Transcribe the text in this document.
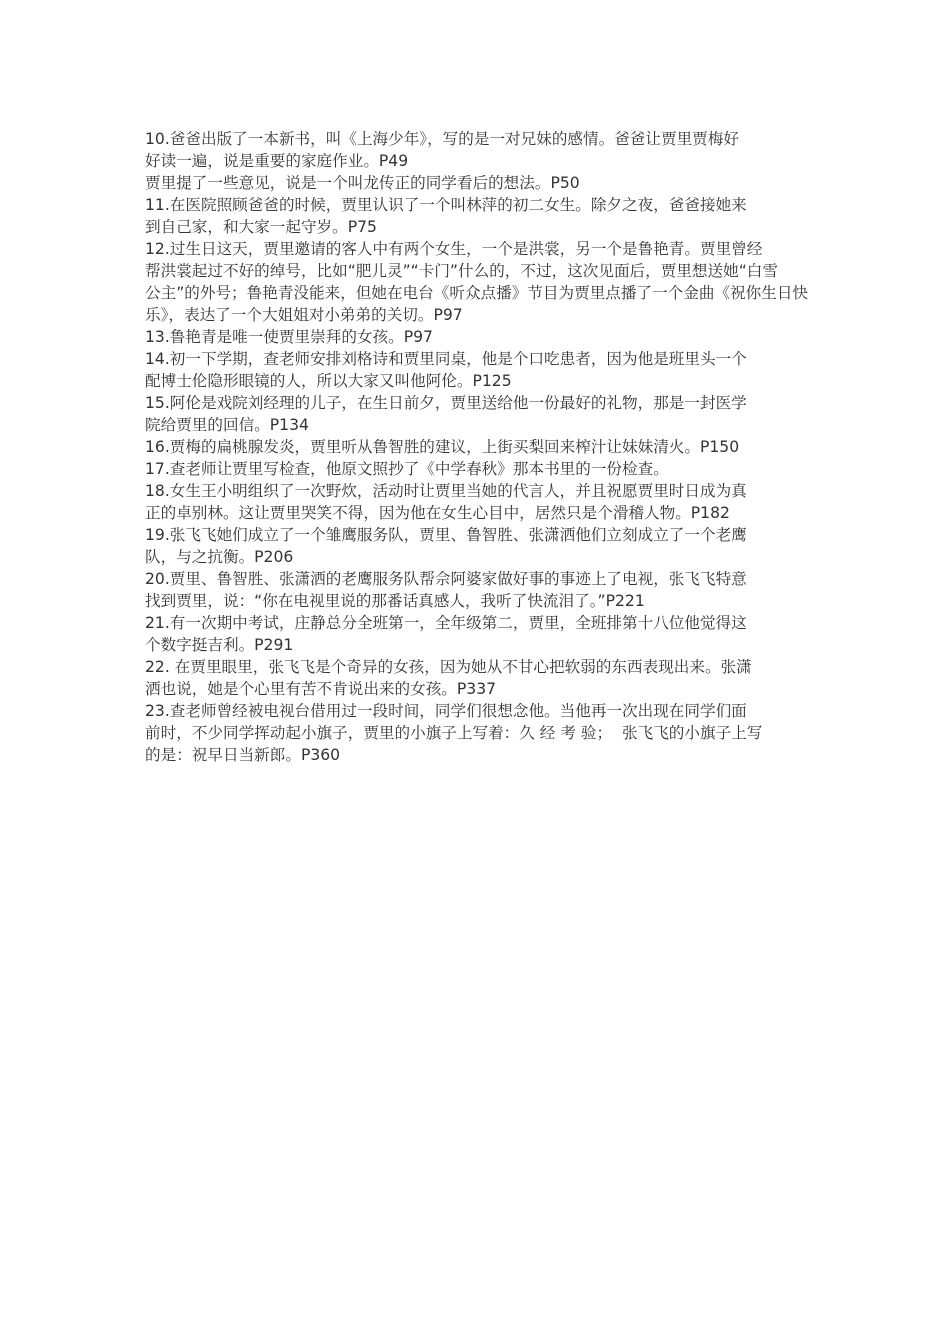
10.爸爸出版了一本新书，叫《上海少年》，写的是一对兄妹的感情。爸爸让贾里贾梅好
好读一遍，说是重要的家庭作业。P49
贾里提了一些意见，说是一个叫龙传正的同学看后的想法。P50
11.在医院照顾爸爸的时候，贾里认识了一个叫林萍的初二女生。除夕之夜，爸爸接她来
到自己家，和大家一起守岁。P75
12.过生日这天，贾里邀请的客人中有两个女生，一个是洪裳，另一个是鲁艳青。贾里曾经
帮洪裳起过不好的绰号，比如“肥儿灵”“卡门”什么的，不过，这次见面后，贾里想送她“白雪
公主”的外号；鲁艳青没能来，但她在电台《听众点播》节目为贾里点播了一个金曲《祝你生日快
乐》，表达了一个大姐姐对小弟弟的关切。P97
13.鲁艳青是唯一使贾里崇拜的女孩。P97
14.初一下学期，查老师安排刘格诗和贾里同桌，他是个口吃患者，因为他是班里头一个
配博士伦隐形眼镜的人，所以大家又叫他阿伦。P125
15.阿伦是戏院刘经理的儿子，在生日前夕，贾里送给他一份最好的礼物，那是一封医学
院给贾里的回信。P134
16.贾梅的扁桃腺发炎，贾里听从鲁智胜的建议，上街买梨回来榨汁让妹妹清火。P150
17.查老师让贾里写检查，他原文照抄了《中学春秋》那本书里的一份检查。
18.女生王小明组织了一次野炊，活动时让贾里当她的代言人，并且祝愿贾里时日成为真
正的卓别林。这让贾里哭笑不得，因为他在女生心目中，居然只是个滑稽人物。P182
19.张飞飞她们成立了一个雏鹰服务队，贾里、鲁智胜、张潇洒他们立刻成立了一个老鹰
队，与之抗衡。P206
20.贾里、鲁智胜、张潇洒的老鹰服务队帮佘阿婆家做好事的事迹上了电视，张飞飞特意
找到贾里，说：“你在电视里说的那番话真感人，我听了快流泪了。”P221
21.有一次期中考试，庄静总分全班第一，全年级第二，贾里，全班排第十八位他觉得这
个数字挺吉利。P291
22. 在贾里眼里，张飞飞是个奇异的女孩，因为她从不甘心把软弱的东西表现出来。张潇
洒也说，她是个心里有苦不肯说出来的女孩。P337
23.查老师曾经被电视台借用过一段时间，同学们很想念他。当他再一次出现在同学们面
前时，不少同学挥动起小旗子，贾里的小旗子上写着：久 经 考 验；  张飞飞的小旗子上写
的是：祝早日当新郎。P360
